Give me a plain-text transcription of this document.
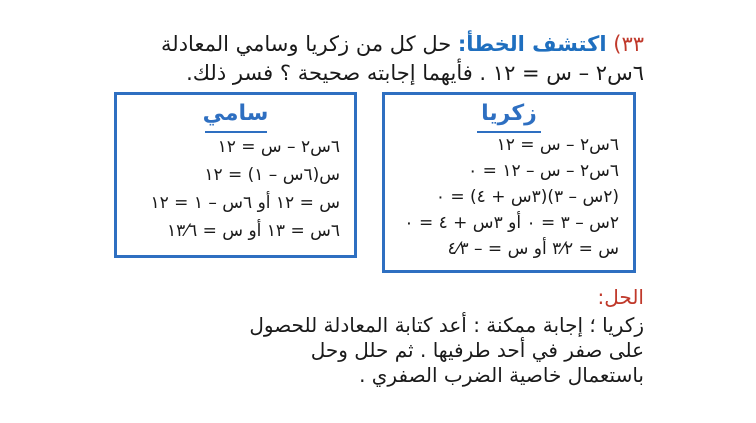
٣٣) اكتشف الخطأ: حل كل من زكريا وسامي المعادلة
٦س٢ – س = ١٢ . فأيهما إجابته صحيحة ؟ فسر ذلك.
سامي
٦س٢ – س = ١٢
س(٦س – ١) = ١٢
س = ١٢ أو ٦س – ١ = ١٢
٦س = ١٣ أو س = ١٣⁄٦
زكريا
٦س٢ – س = ١٢
٦س٢ – س – ١٢ = ٠
(٢س – ٣)(٣س + ٤) = ٠
٢س – ٣ = ٠ أو ٣س + ٤ = ٠
س = ٣⁄٢ أو س = – ٤⁄٣
الحل:
زكريا ؛ إجابة ممكنة : أعد كتابة المعادلة للحصول
على صفر في أحد طرفيها . ثم حلل وحل
باستعمال خاصية الضرب الصفري .
